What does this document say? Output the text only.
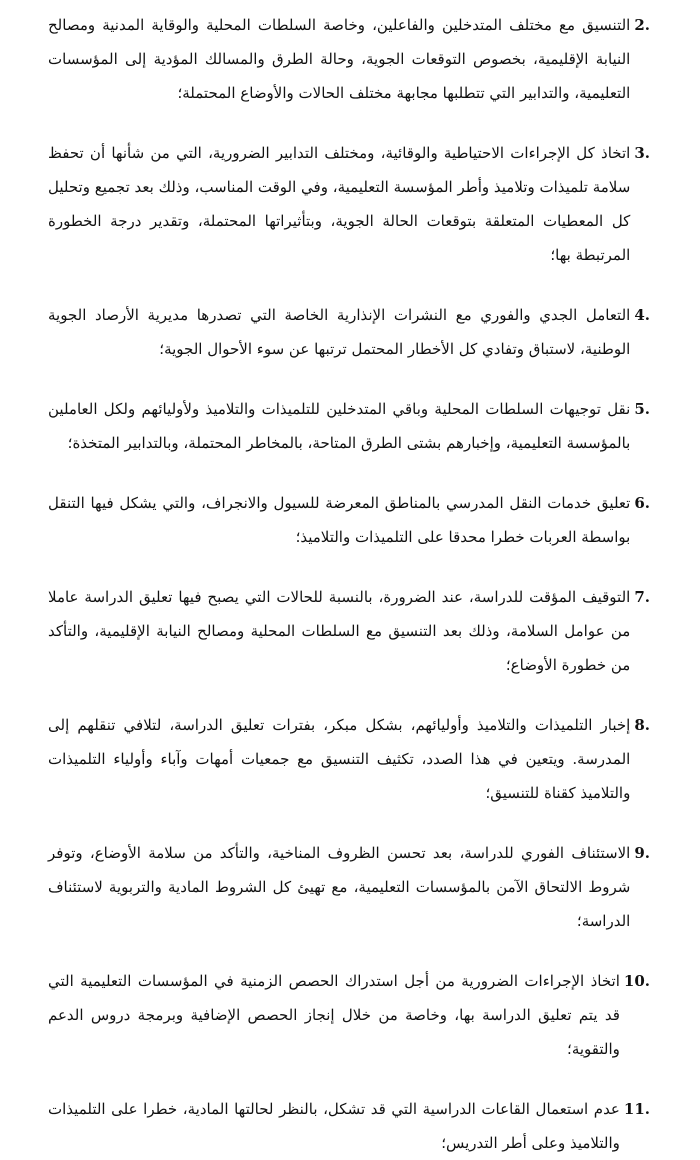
2.

التنسيق مع مختلف المتدخلين والفاعلين، وخاصة السلطات المحلية والوقاية المدنية ومصالح النيابة الإقليمية، بخصوص التوقعات الجوية، وحالة الطرق والمسالك المؤدية إلى المؤسسات التعليمية، والتدابير التي تتطلبها مجابهة مختلف الحالات والأوضاع المحتملة؛

3.

اتخاذ كل الإجراءات الاحتياطية والوقائية، ومختلف التدابير الضرورية، التي من شأنها أن تحفظ سلامة تلميذات وتلاميذ وأطر المؤسسة التعليمية، وفي الوقت المناسب، وذلك بعد تجميع وتحليل كل المعطيات المتعلقة بتوقعات الحالة الجوية، وبتأثيراتها المحتملة، وتقدير درجة الخطورة المرتبطة بها؛

4.

التعامل الجدي والفوري مع النشرات الإنذارية الخاصة التي تصدرها مديرية الأرصاد الجوية الوطنية، لاستباق وتفادي كل الأخطار المحتمل ترتبها عن سوء الأحوال الجوية؛

5.

نقل توجيهات السلطات المحلية وباقي المتدخلين للتلميذات والتلاميذ ولأوليائهم ولكل العاملين بالمؤسسة التعليمية، وإخبارهم بشتى الطرق المتاحة، بالمخاطر المحتملة، وبالتدابير المتخذة؛

6.

تعليق خدمات النقل المدرسي بالمناطق المعرضة للسيول والانجراف، والتي يشكل فيها التنقل بواسطة العربات خطرا محدقا على التلميذات والتلاميذ؛

7.

التوقيف المؤقت للدراسة، عند الضرورة، بالنسبة للحالات التي يصبح فيها تعليق الدراسة عاملا من عوامل السلامة، وذلك بعد التنسيق مع السلطات المحلية ومصالح النيابة الإقليمية، والتأكد من خطورة الأوضاع؛

8.

إخبار التلميذات والتلاميذ وأوليائهم، بشكل مبكر، بفترات تعليق الدراسة، لتلافي تنقلهم إلى المدرسة. ويتعين في هذا الصدد، تكثيف التنسيق مع جمعيات أمهات وآباء وأولياء التلميذات والتلاميذ كقناة للتنسيق؛

9.

الاستئناف الفوري للدراسة، بعد تحسن الظروف المناخية، والتأكد من سلامة الأوضاع، وتوفر شروط الالتحاق الآمن بالمؤسسات التعليمية، مع تهيئ كل الشروط المادية والتربوية لاستئناف الدراسة؛

10.

اتخاذ الإجراءات الضرورية من أجل استدراك الحصص الزمنية في المؤسسات التعليمية التي قد يتم تعليق الدراسة بها، وخاصة من خلال إنجاز الحصص الإضافية وبرمجة دروس الدعم والتقوية؛

11.

عدم استعمال القاعات الدراسية التي قد تشكل، بالنظر لحالتها المادية، خطرا على التلميذات والتلاميذ وعلى أطر التدريس؛
